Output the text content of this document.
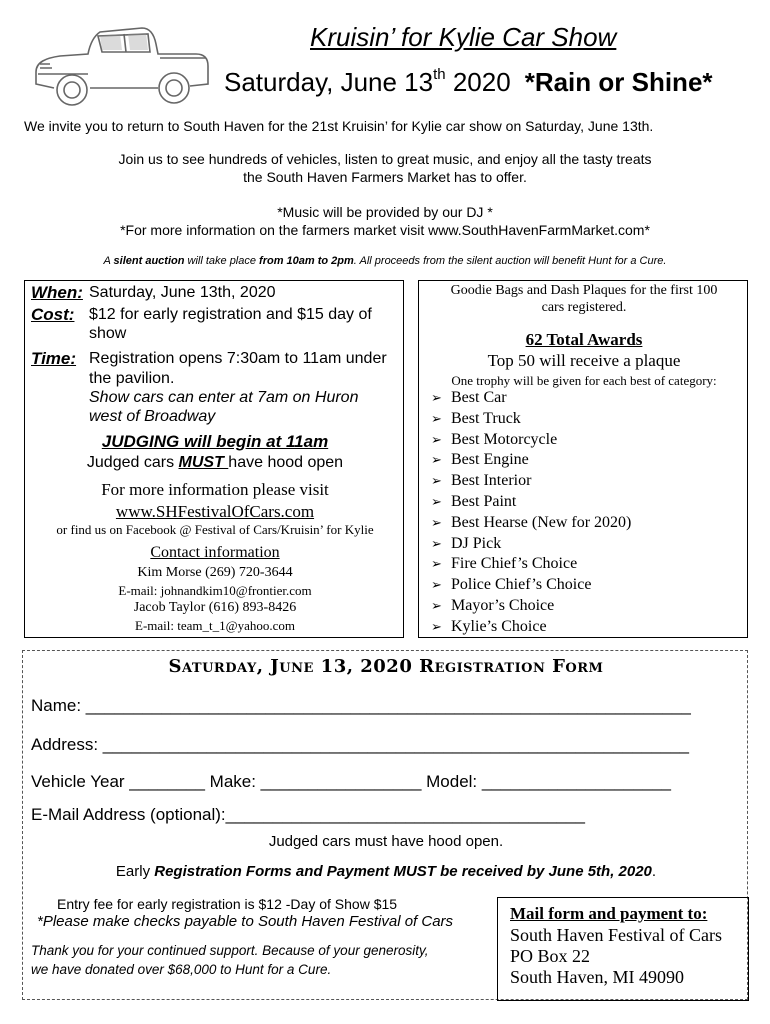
Kruisin’ for Kylie Car Show
Saturday, June 13th 2020 *Rain or Shine*
We invite you to return to South Haven for the 21st Kruisin’ for Kylie car show on Saturday, June 13th.
Join us to see hundreds of vehicles, listen to great music, and enjoy all the tasty treats
the South Haven Farmers Market has to offer.
*Music will be provided by our DJ *
*For more information on the farmers market visit www.SouthHavenFarmMarket.com*
A silent auction will take place from 10am to 2pm. All proceeds from the silent auction will benefit Hunt for a Cure.
When: Saturday, June 13th, 2020
Cost: $12 for early registration and $15 day of
show
Time: Registration opens 7:30am to 11am under
the pavilion.
Show cars can enter at 7am on Huron
west of Broadway
JUDGING will begin at 11am
Judged cars MUST have hood open
For more information please visit
www.SHFestivalOfCars.com
or find us on Facebook @ Festival of Cars/Kruisin’ for Kylie
Contact information
Kim Morse (269) 720-3644
E-mail: johnandkim10@frontier.com
Jacob Taylor (616) 893-8426
E-mail: team_t_1@yahoo.com
Goodie Bags and Dash Plaques for the first 100
cars registered.
62 Total Awards
Top 50 will receive a plaque
One trophy will be given for each best of category:
➢ Best Car
➢ Best Truck
➢ Best Motorcycle
➢ Best Engine
➢ Best Interior
➢ Best Paint
➢ Best Hearse (New for 2020)
➢ DJ Pick
➢ Fire Chief’s Choice
➢ Police Chief’s Choice
➢ Mayor’s Choice
➢ Kylie’s Choice
Saturday, June 13, 2020 Registration Form
Name: ________________________________________________________________
Address: ______________________________________________________________
Vehicle Year ________ Make: _________________ Model: ____________________
E-Mail Address (optional):______________________________________
Judged cars must have hood open.
Early Registration Forms and Payment MUST be received by June 5th, 2020.
Entry fee for early registration is $12 -Day of Show $15
*Please make checks payable to South Haven Festival of Cars
Thank you for your continued support. Because of your generosity,
we have donated over $68,000 to Hunt for a Cure.
Mail form and payment to:
South Haven Festival of Cars
PO Box 22
South Haven, MI 49090
